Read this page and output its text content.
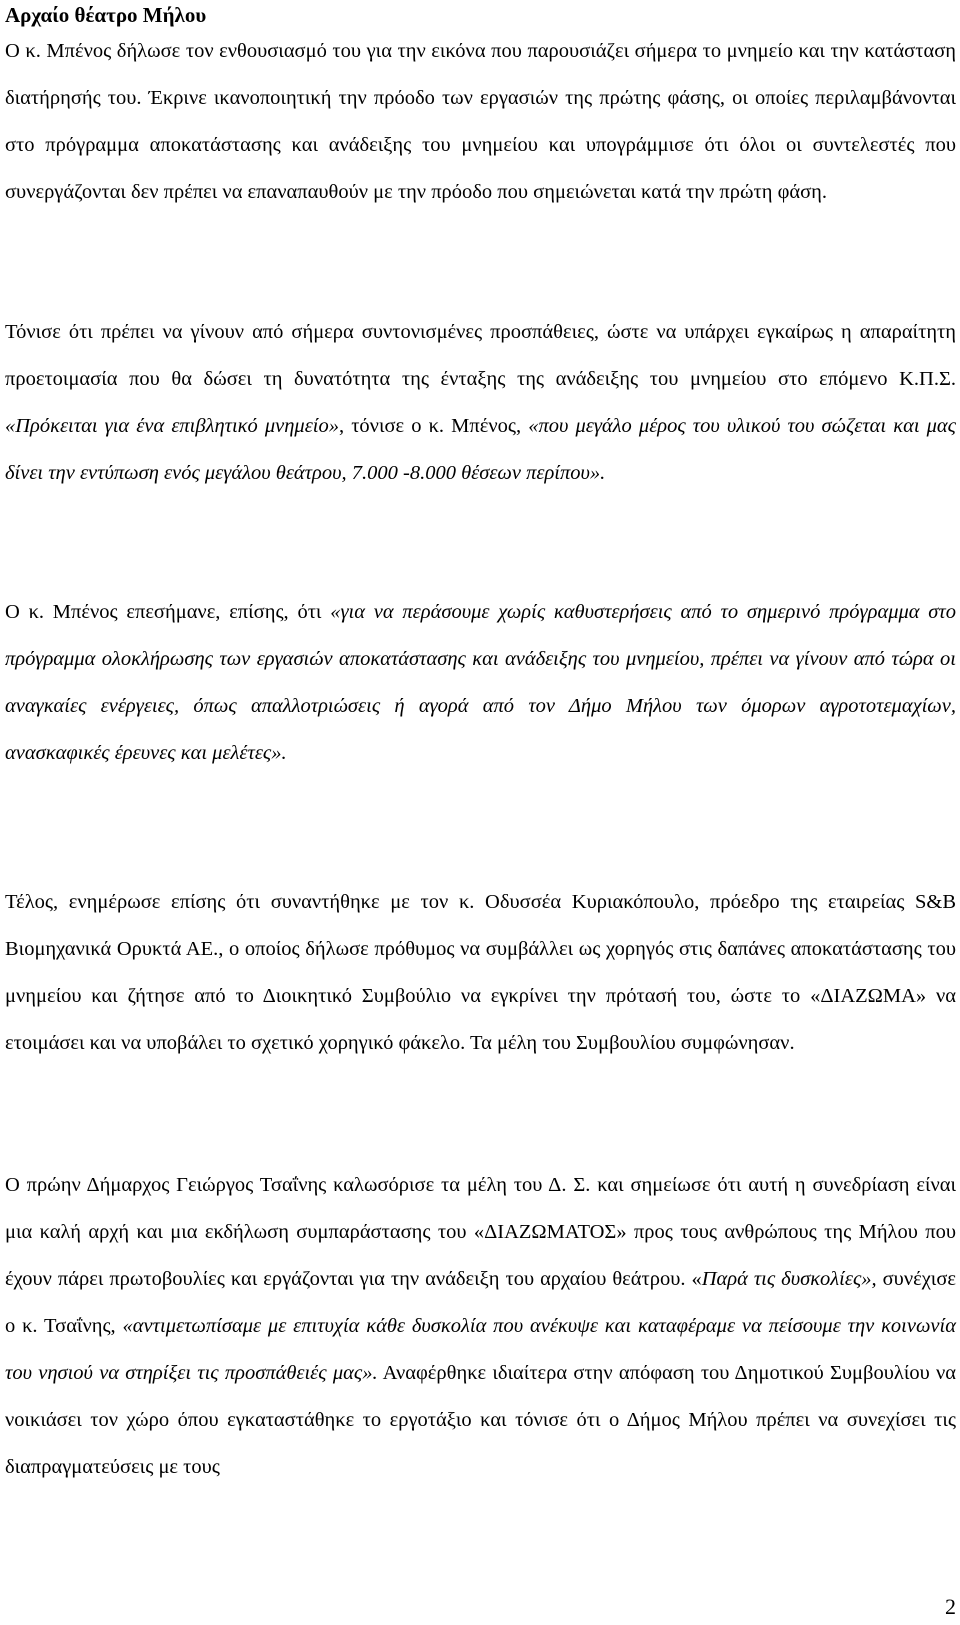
Αρχαίο θέατρο Μήλου

Ο κ. Μπένος δήλωσε τον ενθουσιασμό του για την εικόνα που παρουσιάζει σήμερα το μνημείο και την κατάσταση διατήρησής του. Έκρινε ικανοποιητική την πρόοδο των εργασιών της πρώτης φάσης, οι οποίες περιλαμβάνονται στο πρόγραμμα αποκατάστασης και ανάδειξης του μνημείου και υπογράμμισε ότι όλοι οι συντελεστές που συνεργάζονται δεν πρέπει να επαναπαυθούν με την πρόοδο που σημειώνεται κατά την πρώτη φάση.

Τόνισε ότι πρέπει να γίνουν από σήμερα συντονισμένες προσπάθειες, ώστε να υπάρχει εγκαίρως η απαραίτητη προετοιμασία που θα δώσει τη δυνατότητα της ένταξης της ανάδειξης του μνημείου στο επόμενο Κ.Π.Σ. «Πρόκειται για ένα επιβλητικό μνημείο», τόνισε ο κ. Μπένος, «που μεγάλο μέρος του υλικού του σώζεται και μας δίνει την εντύπωση ενός μεγάλου θεάτρου, 7.000 -8.000 θέσεων περίπου».

Ο κ. Μπένος επεσήμανε, επίσης, ότι «για να περάσουμε χωρίς καθυστερήσεις από το σημερινό πρόγραμμα στο πρόγραμμα ολοκλήρωσης των εργασιών αποκατάστασης και ανάδειξης του μνημείου, πρέπει να γίνουν από τώρα οι αναγκαίες ενέργειες, όπως απαλλοτριώσεις ή αγορά από τον Δήμο Μήλου των όμορων αγροτοτεμαχίων, ανασκαφικές έρευνες και μελέτες».

Τέλος, ενημέρωσε επίσης ότι συναντήθηκε με τον κ. Οδυσσέα Κυριακόπουλο, πρόεδρο της εταιρείας S&B Βιομηχανικά Ορυκτά ΑΕ., ο οποίος δήλωσε πρόθυμος να συμβάλλει ως χορηγός στις δαπάνες αποκατάστασης του μνημείου και ζήτησε από το Διοικητικό Συμβούλιο να εγκρίνει την πρότασή του, ώστε το «ΔΙΑΖΩΜΑ» να ετοιμάσει και να υποβάλει το σχετικό χορηγικό φάκελο. Τα μέλη του Συμβουλίου συμφώνησαν.

Ο πρώην Δήμαρχος Γειώργος Τσαΐνης καλωσόρισε τα μέλη του Δ. Σ. και σημείωσε ότι αυτή η συνεδρίαση είναι μια καλή αρχή και μια εκδήλωση συμπαράστασης του «ΔΙΑΖΩΜΑΤΟΣ» προς τους ανθρώπους της Μήλου που έχουν πάρει πρωτοβουλίες και εργάζονται για την ανάδειξη του αρχαίου θεάτρου. «Παρά τις δυσκολίες», συνέχισε ο κ. Τσαΐνης, «αντιμετωπίσαμε με επιτυχία κάθε δυσκολία που ανέκυψε και καταφέραμε να πείσουμε την κοινωνία του νησιού να στηρίξει τις προσπάθειές μας». Αναφέρθηκε ιδιαίτερα στην απόφαση του Δημοτικού Συμβουλίου να νοικιάσει τον χώρο όπου εγκαταστάθηκε το εργοτάξιο και τόνισε ότι ο Δήμος Μήλου πρέπει να συνεχίσει τις διαπραγματεύσεις με τους

2
